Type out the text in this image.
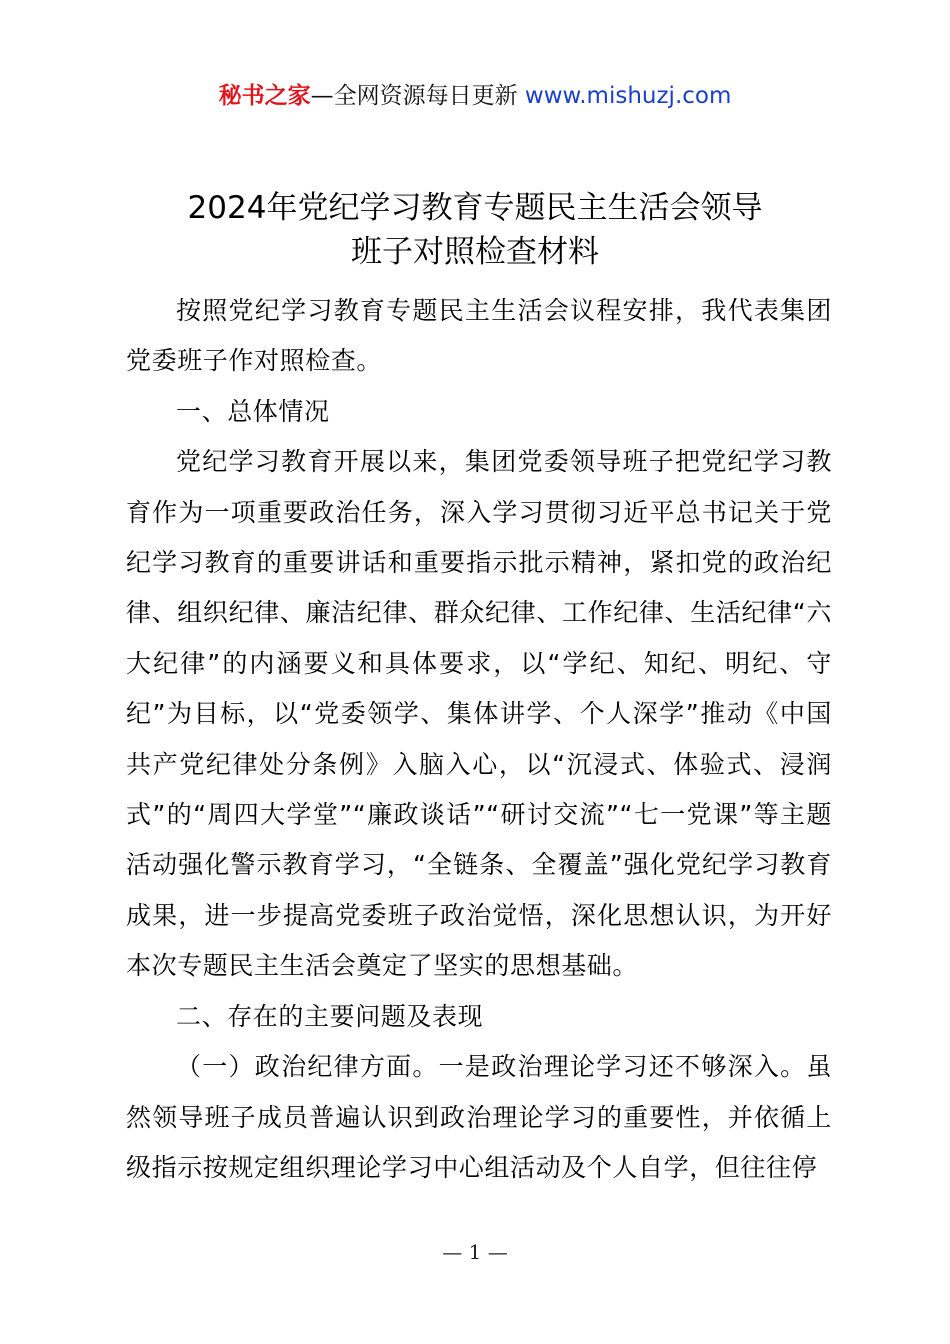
秘书之家—全网资源每日更新 www.mishuzj.com
2024年党纪学习教育专题民主生活会领导
班子对照检查材料

按照党纪学习教育专题民主生活会议程安排，我代表集团党委班子作对照检查。

一、总体情况

党纪学习教育开展以来，集团党委领导班子把党纪学习教育作为一项重要政治任务，深入学习贯彻习近平总书记关于党纪学习教育的重要讲话和重要指示批示精神，紧扣党的政治纪律、组织纪律、廉洁纪律、群众纪律、工作纪律、生活纪律“六大纪律”的内涵要义和具体要求，以“学纪、知纪、明纪、守纪”为目标，以“党委领学、集体讲学、个人深学”推动《中国共产党纪律处分条例》入脑入心，以“沉浸式、体验式、浸润式”的“周四大学堂”“廉政谈话”“研讨交流”“七一党课”等主题活动强化警示教育学习，“全链条、全覆盖”强化党纪学习教育成果，进一步提高党委班子政治觉悟，深化思想认识，为开好本次专题民主生活会奠定了坚实的思想基础。

二、存在的主要问题及表现

（一）政治纪律方面。一是政治理论学习还不够深入。虽然领导班子成员普遍认识到政治理论学习的重要性，并依循上级指示按规定组织理论学习中心组活动及个人自学，但往往停

— 1 —
